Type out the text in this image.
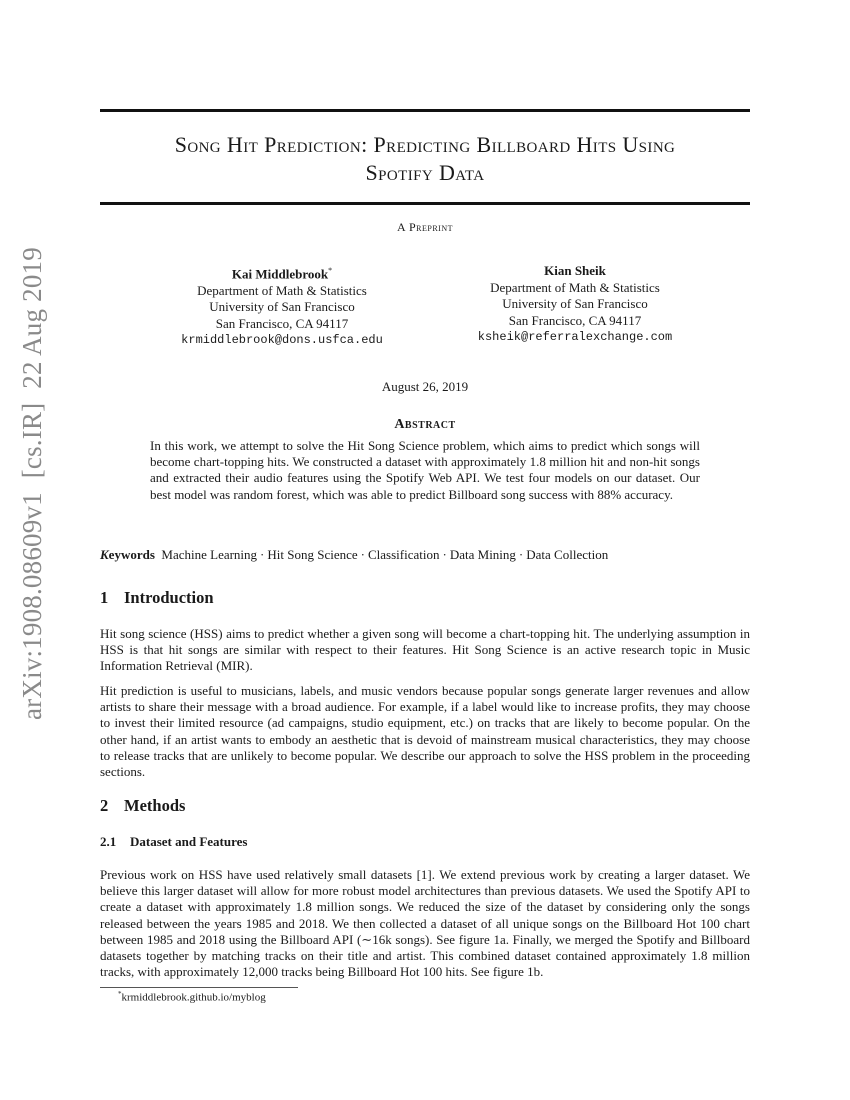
arXiv:1908.08609v1  [cs.IR]  22 Aug 2019
Song Hit Prediction: Predicting Billboard Hits Using
Spotify Data
A Preprint
Kai Middlebrook*
Department of Math & Statistics
University of San Francisco
San Francisco, CA 94117
krmiddlebrook@dons.usfca.edu
Kian Sheik
Department of Math & Statistics
University of San Francisco
San Francisco, CA 94117
ksheik@referralexchange.com
August 26, 2019
Abstract
In this work, we attempt to solve the Hit Song Science problem, which aims to predict which songs will become chart-topping hits. We constructed a dataset with approximately 1.8 million hit and non-hit songs and extracted their audio features using the Spotify Web API. We test four models on our dataset. Our best model was random forest, which was able to predict Billboard song success with 88% accuracy.
Keywords Machine Learning · Hit Song Science · Classification · Data Mining · Data Collection
1 Introduction
Hit song science (HSS) aims to predict whether a given song will become a chart-topping hit. The underlying assumption in HSS is that hit songs are similar with respect to their features. Hit Song Science is an active research topic in Music Information Retrieval (MIR).
Hit prediction is useful to musicians, labels, and music vendors because popular songs generate larger revenues and allow artists to share their message with a broad audience. For example, if a label would like to increase profits, they may choose to invest their limited resource (ad campaigns, studio equipment, etc.) on tracks that are likely to become popular. On the other hand, if an artist wants to embody an aesthetic that is devoid of mainstream musical characteristics, they may choose to release tracks that are unlikely to become popular. We describe our approach to solve the HSS problem in the proceeding sections.
2 Methods
2.1 Dataset and Features
Previous work on HSS have used relatively small datasets [1]. We extend previous work by creating a larger dataset. We believe this larger dataset will allow for more robust model architectures than previous datasets. We used the Spotify API to create a dataset with approximately 1.8 million songs. We reduced the size of the dataset by considering only the songs released between the years 1985 and 2018. We then collected a dataset of all unique songs on the Billboard Hot 100 chart between 1985 and 2018 using the Billboard API (∼16k songs). See figure 1a. Finally, we merged the Spotify and Billboard datasets together by matching tracks on their title and artist. This combined dataset contained approximately 1.8 million tracks, with approximately 12,000 tracks being Billboard Hot 100 hits. See figure 1b.
*krmiddlebrook.github.io/myblog
